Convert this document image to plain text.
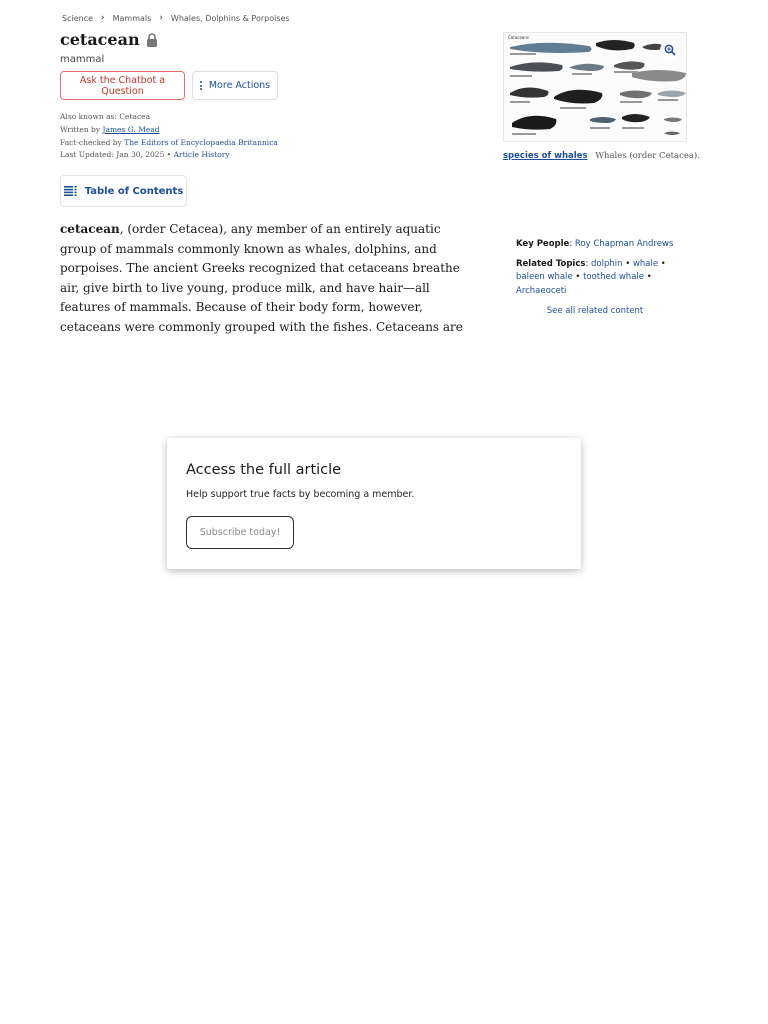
Science › Mammals › Whales, Dolphins & Porpoises
cetacean
mammal
Ask the Chatbot a Question	More Actions
Also known as: Cetacea
Written by James G. Mead
Fact-checked by The Editors of Encyclopaedia Britannica
Last Updated: Jan 30, 2025 • Article History
Table of Contents

cetacean, (order Cetacea), any member of an entirely aquatic group of mammals commonly known as whales, dolphins, and porpoises. The ancient Greeks recognized that cetaceans breathe air, give birth to live young, produce milk, and have hair—all features of mammals. Because of their body form, however, cetaceans were commonly grouped with the fishes. Cetaceans are

Cetaceans
species of whales Whales (order Cetacea).
Key People: Roy Chapman Andrews
Related Topics: dolphin • whale • baleen whale • toothed whale • Archaeoceti
See all related content
Access the full article
Help support true facts by becoming a member.
Subscribe today!
